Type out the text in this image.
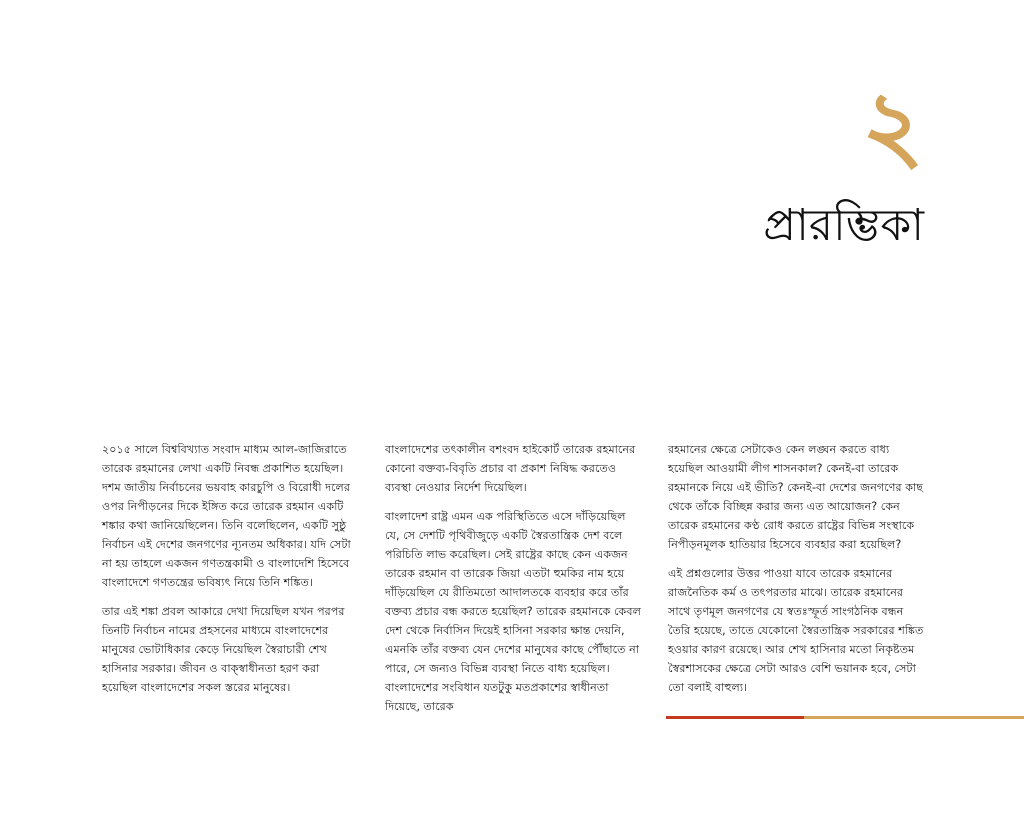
২
প্রারম্ভিকা

২০১৫ সালে বিশ্ববিখ্যাত সংবাদ মাধ্যম আল-জাজিরাতে তারেক রহমানের লেখা একটি নিবন্ধ প্রকাশিত হয়েছিল। দশম জাতীয় নির্বাচনের ভয়বাহ কারচুপি ও বিরোধী দলের ওপর নিপীড়নের দিকে ইঙ্গিত করে তারেক রহমান একটি শঙ্কার কথা জানিয়েছিলেন। তিনি বলেছিলেন, একটি সুষ্ঠু নির্বাচন এই দেশের জনগণের ন্যূনতম অধিকার। যদি সেটা না হয় তাহলে একজন গণতন্ত্রকামী ও বাংলাদেশি হিসেবে বাংলাদেশে গণতন্ত্রের ভবিষ্যৎ নিয়ে তিনি শঙ্কিত।

তার এই শঙ্কা প্রবল আকারে দেখা দিয়েছিল যখন পরপর তিনটি নির্বাচন নামের প্রহসনের মাধ্যমে বাংলাদেশের মানুষের ভোটাধিকার কেড়ে নিয়েছিল স্বৈরাচারী শেখ হাসিনার সরকার। জীবন ও বাক্‌স্বাধীনতা হরণ করা হয়েছিল বাংলাদেশের সকল স্তরের মানুষের।

বাংলাদেশের তৎকালীন বশংবদ হাইকোর্ট তারেক রহমানের কোনো বক্তব্য-বিবৃতি প্রচার বা প্রকাশ নিষিদ্ধ করতেও ব্যবস্থা নেওয়ার নির্দেশ দিয়েছিল।

বাংলাদেশ রাষ্ট্র এমন এক পরিস্থিতিতে এসে দাঁড়িয়েছিল যে, সে দেশটি পৃথিবীজুড়ে একটি স্বৈরতান্ত্রিক দেশ বলে পরিচিতি লাভ করেছিল। সেই রাষ্ট্রের কাছে কেন একজন তারেক রহমান বা তারেক জিয়া এতটা হুমকির নাম হয়ে দাঁড়িয়েছিল যে রীতিমতো আদালতকে ব্যবহার করে তাঁর বক্তব্য প্রচার বন্ধ করতে হয়েছিল? তারেক রহমানকে কেবল দেশ থেকে নির্বাসিন দিয়েই হাসিনা সরকার ক্ষান্ত দেয়নি, এমনকি তাঁর বক্তব্য যেন দেশের মানুষের কাছে পৌঁছাতে না পারে, সে জন্যও বিভিন্ন ব্যবস্থা নিতে বাধ্য হয়েছিল। বাংলাদেশের সংবিধান যতটুকু মতপ্রকাশের স্বাধীনতা দিয়েছে, তারেক

রহমানের ক্ষেত্রে সেটাকেও কেন লঙ্ঘন করতে বাধ্য হয়েছিল আওয়ামী লীগ শাসনকাল? কেনই-বা তারেক রহমানকে নিয়ে এই ভীতি? কেনই-বা দেশের জনগণের কাছ থেকে তাঁকে বিচ্ছিন্ন করার জন্য এত আয়োজন? কেন তারেক রহমানের কণ্ঠ রোধ করতে রাষ্ট্রের বিভিন্ন সংস্থাকে নিপীড়নমূলক হাতিয়ার হিসেবে ব্যবহার করা হয়েছিল?

এই প্রশ্নগুলোর উত্তর পাওয়া যাবে তারেক রহমানের রাজনৈতিক কর্ম ও তৎপরতার মাঝে। তারেক রহমানের সাথে তৃণমূল জনগণের যে স্বতঃস্ফূর্ত সাংগঠনিক বন্ধন তৈরি হয়েছে, তাতে যেকোনো স্বৈরতান্ত্রিক সরকারের শঙ্কিত হওয়ার কারণ রয়েছে। আর শেখ হাসিনার মতো নিকৃষ্টতম স্বৈরশাসকের ক্ষেত্রে সেটা আরও বেশি ভয়ানক হবে, সেটা তো বলাই বাহুল্য।
